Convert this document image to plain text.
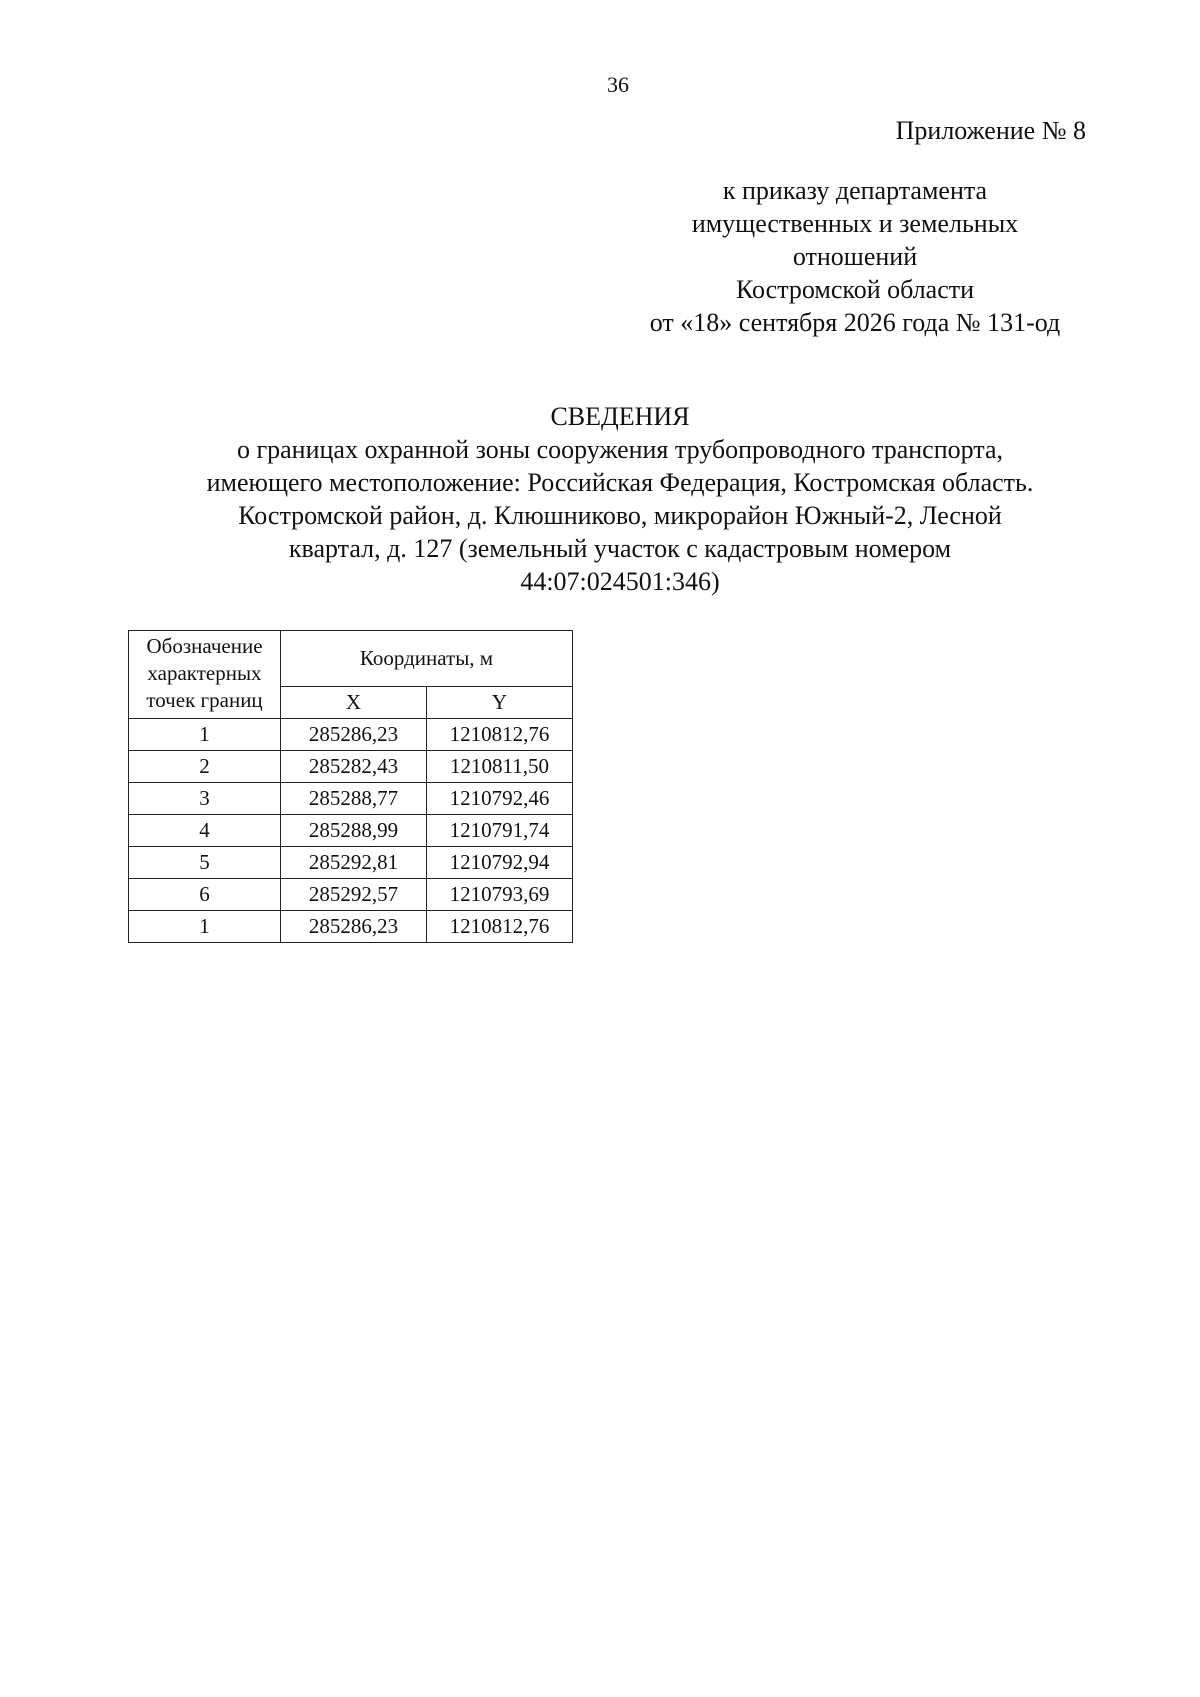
36
Приложение № 8
к приказу департамента
имущественных и земельных
отношений
Костромской области
от «18» сентября 2026 года № 131-од
СВЕДЕНИЯ
о границах охранной зоны сооружения трубопроводного транспорта,
имеющего местоположение: Российская Федерация, Костромская область.
Костромской район, д. Клюшниково, микрорайон Южный-2, Лесной
квартал, д. 127 (земельный участок с кадастровым номером
44:07:024501:346)
Обозначение
характерных
точек границ	Координаты, м	
	X	Y
1	285286,23	1210812,76
2	285282,43	1210811,50
3	285288,77	1210792,46
4	285288,99	1210791,74
5	285292,81	1210792,94
6	285292,57	1210793,69
1	285286,23	1210812,76
